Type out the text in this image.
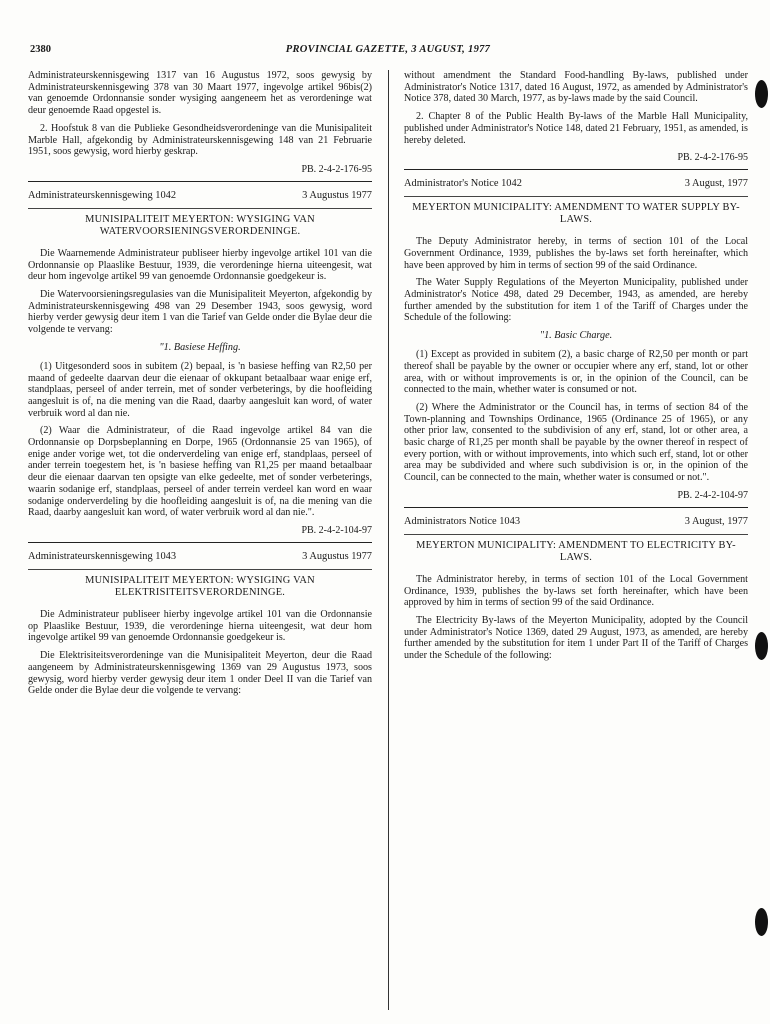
2380	PROVINCIAL GAZETTE, 3 AUGUST, 1977

Administrateurskennisgewing 1317 van 16 Augustus 1972, soos gewysig by Administrateurskennisgewing 378 van 30 Maart 1977, ingevolge artikel 96bis(2) van genoemde Ordonnansie sonder wysiging aangeneem het as verordeninge wat deur genoemde Raad opgestel is.

2. Hoofstuk 8 van die Publieke Gesondheidsverordeninge van die Munisipaliteit Marble Hall, afgekondig by Administrateurskennisgewing 148 van 21 Februarie 1951, soos gewysig, word hierby geskrap.

PB. 2-4-2-176-95
Administrateurskennisgewing 1042	3 Augustus 1977
MUNISIPALITEIT MEYERTON: WYSIGING VAN WATERVOORSIENINGSVERORDENINGE.

Die Waarnemende Administrateur publiseer hierby ingevolge artikel 101 van die Ordonnansie op Plaaslike Bestuur, 1939, die verordeninge hierna uiteengesit, wat deur hom ingevolge artikel 99 van genoemde Ordonnansie goedgekeur is.

Die Watervoorsieningsregulasies van die Munisipaliteit Meyerton, afgekondig by Administrateurskennisgewing 498 van 29 Desember 1943, soos gewysig, word hierby verder gewysig deur item 1 van die Tarief van Gelde onder die Bylae deur die volgende te vervang:

"1. Basiese Heffing.

(1) Uitgesonderd soos in subitem (2) bepaal, is 'n basiese heffing van R2,50 per maand of gedeelte daarvan deur die eienaar of okkupant betaalbaar waar enige erf, standplaas, perseel of ander terrein, met of sonder verbeterings, by die hoofleiding aangesluit is of, na die mening van die Raad, daarby aangesluit kan word, of water verbruik word al dan nie.

(2) Waar die Administrateur, of die Raad ingevolge artikel 84 van die Ordonnansie op Dorpsbeplanning en Dorpe, 1965 (Ordonnansie 25 van 1965), of enige ander vorige wet, tot die onderverdeling van enige erf, standplaas, perseel of ander terrein toegestem het, is 'n basiese heffing van R1,25 per maand betaalbaar deur die eienaar daarvan ten opsigte van elke gedeelte, met of sonder verbeterings, waarin sodanige erf, standplaas, perseel of ander terrein verdeel kan word en waar sodanige onderverdeling by die hoofleiding aangesluit is of, na die mening van die Raad, daarby aangesluit kan word, of water verbruik word al dan nie.".

PB. 2-4-2-104-97
Administrateurskennisgewing 1043	3 Augustus 1977
MUNISIPALITEIT MEYERTON: WYSIGING VAN ELEKTRISITEITSVERORDENINGE.

Die Administrateur publiseer hierby ingevolge artikel 101 van die Ordonnansie op Plaaslike Bestuur, 1939, die verordeninge hierna uiteengesit, wat deur hom ingevolge artikel 99 van genoemde Ordonnansie goedgekeur is.

Die Elektrisiteitsverordeninge van die Munisipaliteit Meyerton, deur die Raad aangeneem by Administrateurskennisgewing 1369 van 29 Augustus 1973, soos gewysig, word hierby verder gewysig deur item 1 onder Deel II van die Tarief van Gelde onder die Bylae deur die volgende te vervang:

without amendment the Standard Food-handling By-laws, published under Administrator's Notice 1317, dated 16 August, 1972, as amended by Administrator's Notice 378, dated 30 March, 1977, as by-laws made by the said Council.

2. Chapter 8 of the Public Health By-laws of the Marble Hall Municipality, published under Administrator's Notice 148, dated 21 February, 1951, as amended, is hereby deleted.

PB. 2-4-2-176-95
Administrator's Notice 1042	3 August, 1977
MEYERTON MUNICIPALITY: AMENDMENT TO WATER SUPPLY BY-LAWS.

The Deputy Administrator hereby, in terms of section 101 of the Local Government Ordinance, 1939, publishes the by-laws set forth hereinafter, which have been approved by him in terms of section 99 of the said Ordinance.

The Water Supply Regulations of the Meyerton Municipality, published under Administrator's Notice 498, dated 29 December, 1943, as amended, are hereby further amended by the substitution for item 1 of the Tariff of Charges under the Schedule of the following:

"1. Basic Charge.

(1) Except as provided in subitem (2), a basic charge of R2,50 per month or part thereof shall be payable by the owner or occupier where any erf, stand, lot or other area, with or without improvements is or, in the opinion of the Council, can be connected to the main, whether water is consumed or not.

(2) Where the Administrator or the Council has, in terms of section 84 of the Town-planning and Townships Ordinance, 1965 (Ordinance 25 of 1965), or any other prior law, consented to the subdivision of any erf, stand, lot or other area, a basic charge of R1,25 per month shall be payable by the owner thereof in respect of every portion, with or without improvements, into which such erf, stand, lot or other area may be subdivided and where such subdivision is or, in the opinion of the Council, can be connected to the main, whether water is consumed or not.".

PB. 2-4-2-104-97
Administrators Notice 1043	3 August, 1977
MEYERTON MUNICIPALITY: AMENDMENT TO ELECTRICITY BY-LAWS.

The Administrator hereby, in terms of section 101 of the Local Government Ordinance, 1939, publishes the by-laws set forth hereinafter, which have been approved by him in terms of section 99 of the said Ordinance.

The Electricity By-laws of the Meyerton Municipality, adopted by the Council under Administrator's Notice 1369, dated 29 August, 1973, as amended, are hereby further amended by the substitution for item 1 under Part II of the Tariff of Charges under the Schedule of the following:
